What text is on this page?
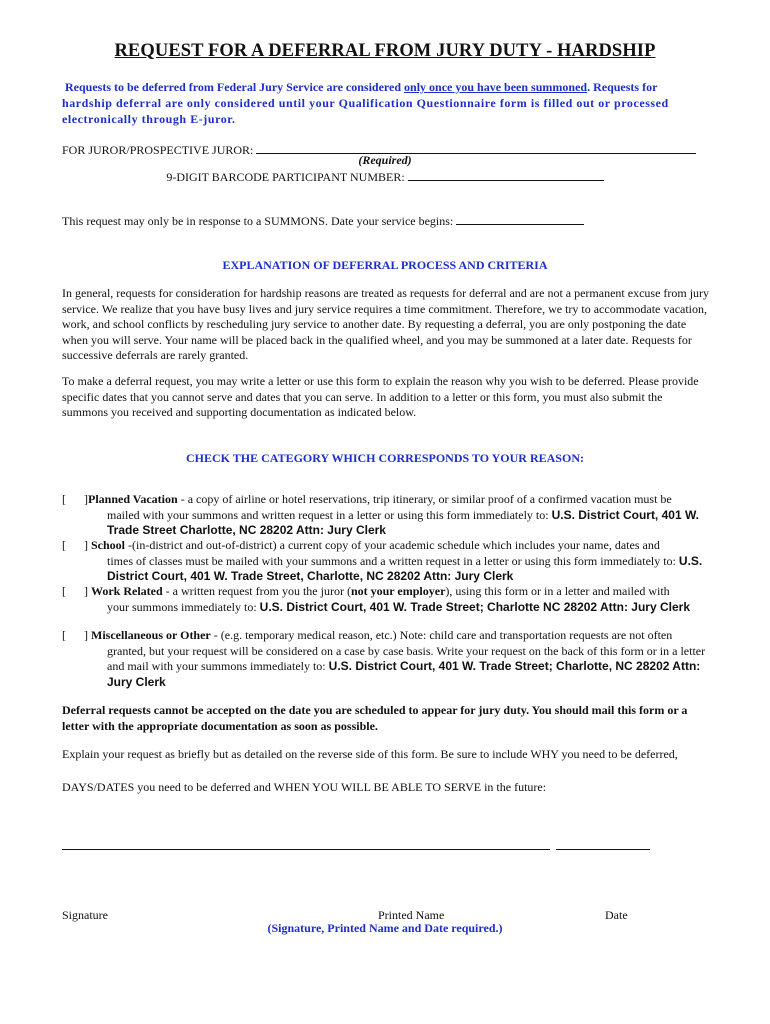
REQUEST FOR A DEFERRAL FROM JURY DUTY - HARDSHIP
Requests to be deferred from Federal Jury Service are considered only once you have been summoned. Requests for
hardship deferral are only considered until your Qualification Questionnaire form is filled out or processed
electronically through E-juror.
FOR JUROR/PROSPECTIVE JUROR:
(Required)
9-DIGIT BARCODE PARTICIPANT NUMBER:
This request may only be in response to a SUMMONS. Date your service begins:
EXPLANATION OF DEFERRAL PROCESS AND CRITERIA
In general, requests for consideration for hardship reasons are treated as requests for deferral and are not a permanent excuse from jury service. We realize that you have busy lives and jury service requires a time commitment. Therefore, we try to accommodate vacation, work, and school conflicts by rescheduling jury service to another date. By requesting a deferral, you are only postponing the date when you will serve. Your name will be placed back in the qualified wheel, and you may be summoned at a later date. Requests for successive deferrals are rarely granted.
To make a deferral request, you may write a letter or use this form to explain the reason why you wish to be deferred. Please provide specific dates that you cannot serve and dates that you can serve. In addition to a letter or this form, you must also submit the summons you received and supporting documentation as indicated below.
CHECK THE CATEGORY WHICH CORRESPONDS TO YOUR REASON:
[ ]Planned Vacation - a copy of airline or hotel reservations, trip itinerary, or similar proof of a confirmed vacation must be
mailed with your summons and written request in a letter or using this form immediately to: U.S. District Court, 401 W. Trade Street Charlotte, NC 28202 Attn: Jury Clerk
[ ] School -(in-district and out-of-district) a current copy of your academic schedule which includes your name, dates and
times of classes must be mailed with your summons and a written request in a letter or using this form immediately to: U.S. District Court, 401 W. Trade Street, Charlotte, NC 28202 Attn: Jury Clerk
[ ] Work Related - a written request from you the juror (not your employer), using this form or in a letter and mailed with
your summons immediately to: U.S. District Court, 401 W. Trade Street; Charlotte NC 28202 Attn: Jury Clerk
[ ] Miscellaneous or Other - (e.g. temporary medical reason, etc.) Note: child care and transportation requests are not often
granted, but your request will be considered on a case by case basis. Write your request on the back of this form or in a letter and mail with your summons immediately to: U.S. District Court, 401 W. Trade Street; Charlotte, NC 28202 Attn: Jury Clerk
Deferral requests cannot be accepted on the date you are scheduled to appear for jury duty. You should mail this form or a letter with the appropriate documentation as soon as possible.
Explain your request as briefly but as detailed on the reverse side of this form. Be sure to include WHY you need to be deferred,
DAYS/DATES you need to be deferred and WHEN YOU WILL BE ABLE TO SERVE in the future:

Signature	Printed Name	Date
(Signature, Printed Name and Date required.)
